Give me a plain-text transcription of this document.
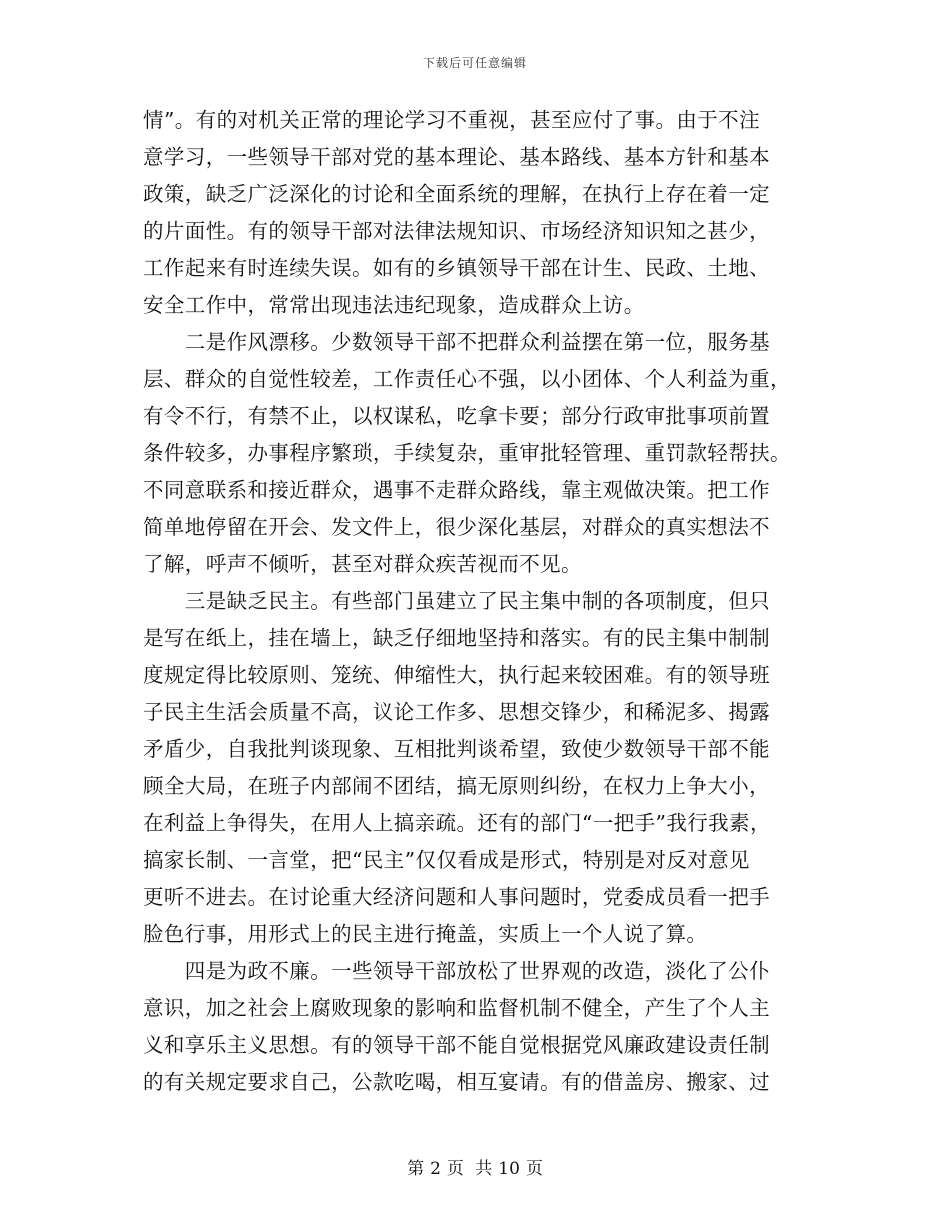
下载后可任意编辑
情”。有的对机关正常的理论学习不重视，甚至应付了事。由于不注
意学习，一些领导干部对党的基本理论、基本路线、基本方针和基本
政策，缺乏广泛深化的讨论和全面系统的理解，在执行上存在着一定
的片面性。有的领导干部对法律法规知识、市场经济知识知之甚少，
工作起来有时连续失误。如有的乡镇领导干部在计生、民政、土地、
安全工作中，常常出现违法违纪现象，造成群众上访。
　　二是作风漂移。少数领导干部不把群众利益摆在第一位，服务基
层、群众的自觉性较差，工作责任心不强，以小团体、个人利益为重，
有令不行，有禁不止，以权谋私，吃拿卡要；部分行政审批事项前置
条件较多，办事程序繁琐，手续复杂，重审批轻管理、重罚款轻帮扶。
不同意联系和接近群众，遇事不走群众路线，靠主观做决策。把工作
简单地停留在开会、发文件上，很少深化基层，对群众的真实想法不
了解，呼声不倾听，甚至对群众疾苦视而不见。
　　三是缺乏民主。有些部门虽建立了民主集中制的各项制度，但只
是写在纸上，挂在墙上，缺乏仔细地坚持和落实。有的民主集中制制
度规定得比较原则、笼统、伸缩性大，执行起来较困难。有的领导班
子民主生活会质量不高，议论工作多、思想交锋少，和稀泥多、揭露
矛盾少，自我批判谈现象、互相批判谈希望，致使少数领导干部不能
顾全大局，在班子内部闹不团结，搞无原则纠纷，在权力上争大小，
在利益上争得失，在用人上搞亲疏。还有的部门“一把手”我行我素，
搞家长制、一言堂，把“民主”仅仅看成是形式，特别是对反对意见
更听不进去。在讨论重大经济问题和人事问题时，党委成员看一把手
脸色行事，用形式上的民主进行掩盖，实质上一个人说了算。
　　四是为政不廉。一些领导干部放松了世界观的改造，淡化了公仆
意识，加之社会上腐败现象的影响和监督机制不健全，产生了个人主
义和享乐主义思想。有的领导干部不能自觉根据党风廉政建设责任制
的有关规定要求自己，公款吃喝，相互宴请。有的借盖房、搬家、过
第 2 页 共 10 页
